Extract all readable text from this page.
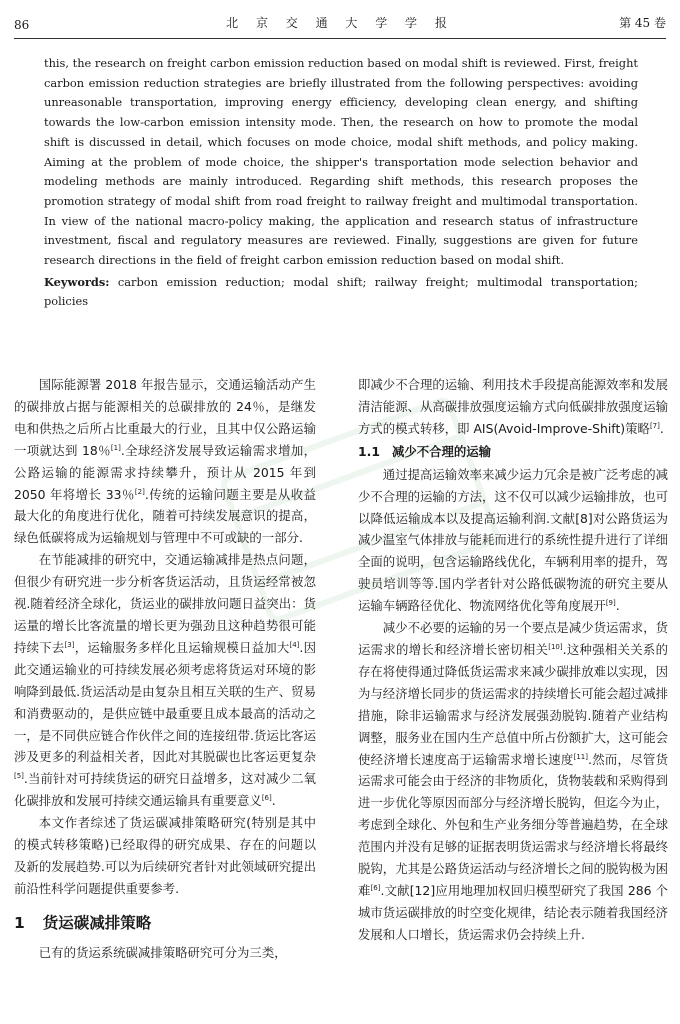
86	北 京 交 通 大 学 学 报	第 45 卷

this, the research on freight carbon emission reduction based on modal shift is reviewed. First, freight carbon emission reduction strategies are briefly illustrated from the following perspectives: avoiding unreasonable transportation, improving energy efficiency, developing clean energy, and shifting towards the low-carbon emission intensity mode. Then, the research on how to promote the modal shift is discussed in detail, which focuses on mode choice, modal shift methods, and policy making. Aiming at the problem of mode choice, the shipper's transportation mode selection behavior and modeling methods are mainly introduced. Regarding shift methods, this research proposes the promotion strategy of modal shift from road freight to railway freight and multimodal transportation. In view of the national macro-policy making, the application and research status of infrastructure investment, fiscal and regulatory measures are reviewed. Finally, suggestions are given for future research directions in the field of freight carbon emission reduction based on modal shift.

Keywords: carbon emission reduction; modal shift; railway freight; multimodal transportation; policies

国际能源署 2018 年报告显示，交通运输活动产生的碳排放占据与能源相关的总碳排放的 24％，是继发电和供热之后所占比重最大的行业，且其中仅公路运输一项就达到 18％[1].全球经济发展导致运输需求增加，公路运输的能源需求持续攀升，预计从 2015 年到 2050 年将增长 33％[2].传统的运输问题主要是从收益最大化的角度进行优化，随着可持续发展意识的提高，绿色低碳将成为运输规划与管理中不可或缺的一部分.

在节能减排的研究中，交通运输减排是热点问题，但很少有研究进一步分析客货运活动，且货运经常被忽视.随着经济全球化，货运业的碳排放问题日益突出：货运量的增长比客流量的增长更为强劲且这种趋势很可能持续下去[3]，运输服务多样化且运输规模日益加大[4].因此交通运输业的可持续发展必须考虑将货运对环境的影响降到最低.货运活动是由复杂且相互关联的生产、贸易和消费驱动的，是供应链中最重要且成本最高的活动之一，是不同供应链合作伙伴之间的连接纽带.货运比客运涉及更多的利益相关者，因此对其脱碳也比客运更复杂[5].当前针对可持续货运的研究日益增多，这对减少二氧化碳排放和发展可持续交通运输具有重要意义[6].

本文作者综述了货运碳减排策略研究(特别是其中的模式转移策略)已经取得的研究成果、存在的问题以及新的发展趋势.可以为后续研究者针对此领域研究提出前沿性科学问题提供重要参考.

1 货运碳减排策略

已有的货运系统碳减排策略研究可分为三类，

即减少不合理的运输、利用技术手段提高能源效率和发展清洁能源、从高碳排放强度运输方式向低碳排放强度运输方式的模式转移，即 AIS(Avoid-Improve-Shift)策略[7].

1.1 减少不合理的运输

通过提高运输效率来减少运力冗余是被广泛考虑的减少不合理的运输的方法，这不仅可以减少运输排放，也可以降低运输成本以及提高运输利润.文献[8]对公路货运为减少温室气体排放与能耗而进行的系统性提升进行了详细全面的说明，包含运输路线优化，车辆利用率的提升，驾驶员培训等等.国内学者针对公路低碳物流的研究主要从运输车辆路径优化、物流网络优化等角度展开[9].

减少不必要的运输的另一个要点是减少货运需求，货运需求的增长和经济增长密切相关[10].这种强相关关系的存在将使得通过降低货运需求来减少碳排放难以实现，因为与经济增长同步的货运需求的持续增长可能会超过减排措施，除非运输需求与经济发展强劲脱钩.随着产业结构调整，服务业在国内生产总值中所占份额扩大，这可能会使经济增长速度高于运输需求增长速度[11].然而，尽管货运需求可能会由于经济的非物质化，货物装载和采购得到进一步优化等原因而部分与经济增长脱钩，但迄今为止，考虑到全球化、外包和生产业务细分等普遍趋势，在全球范围内并没有足够的证据表明货运需求与经济增长将最终脱钩，尤其是公路货运活动与经济增长之间的脱钩极为困难[6].文献[12]应用地理加权回归模型研究了我国 286 个城市货运碳排放的时空变化规律，结论表示随着我国经济发展和人口增长，货运需求仍会持续上升.
